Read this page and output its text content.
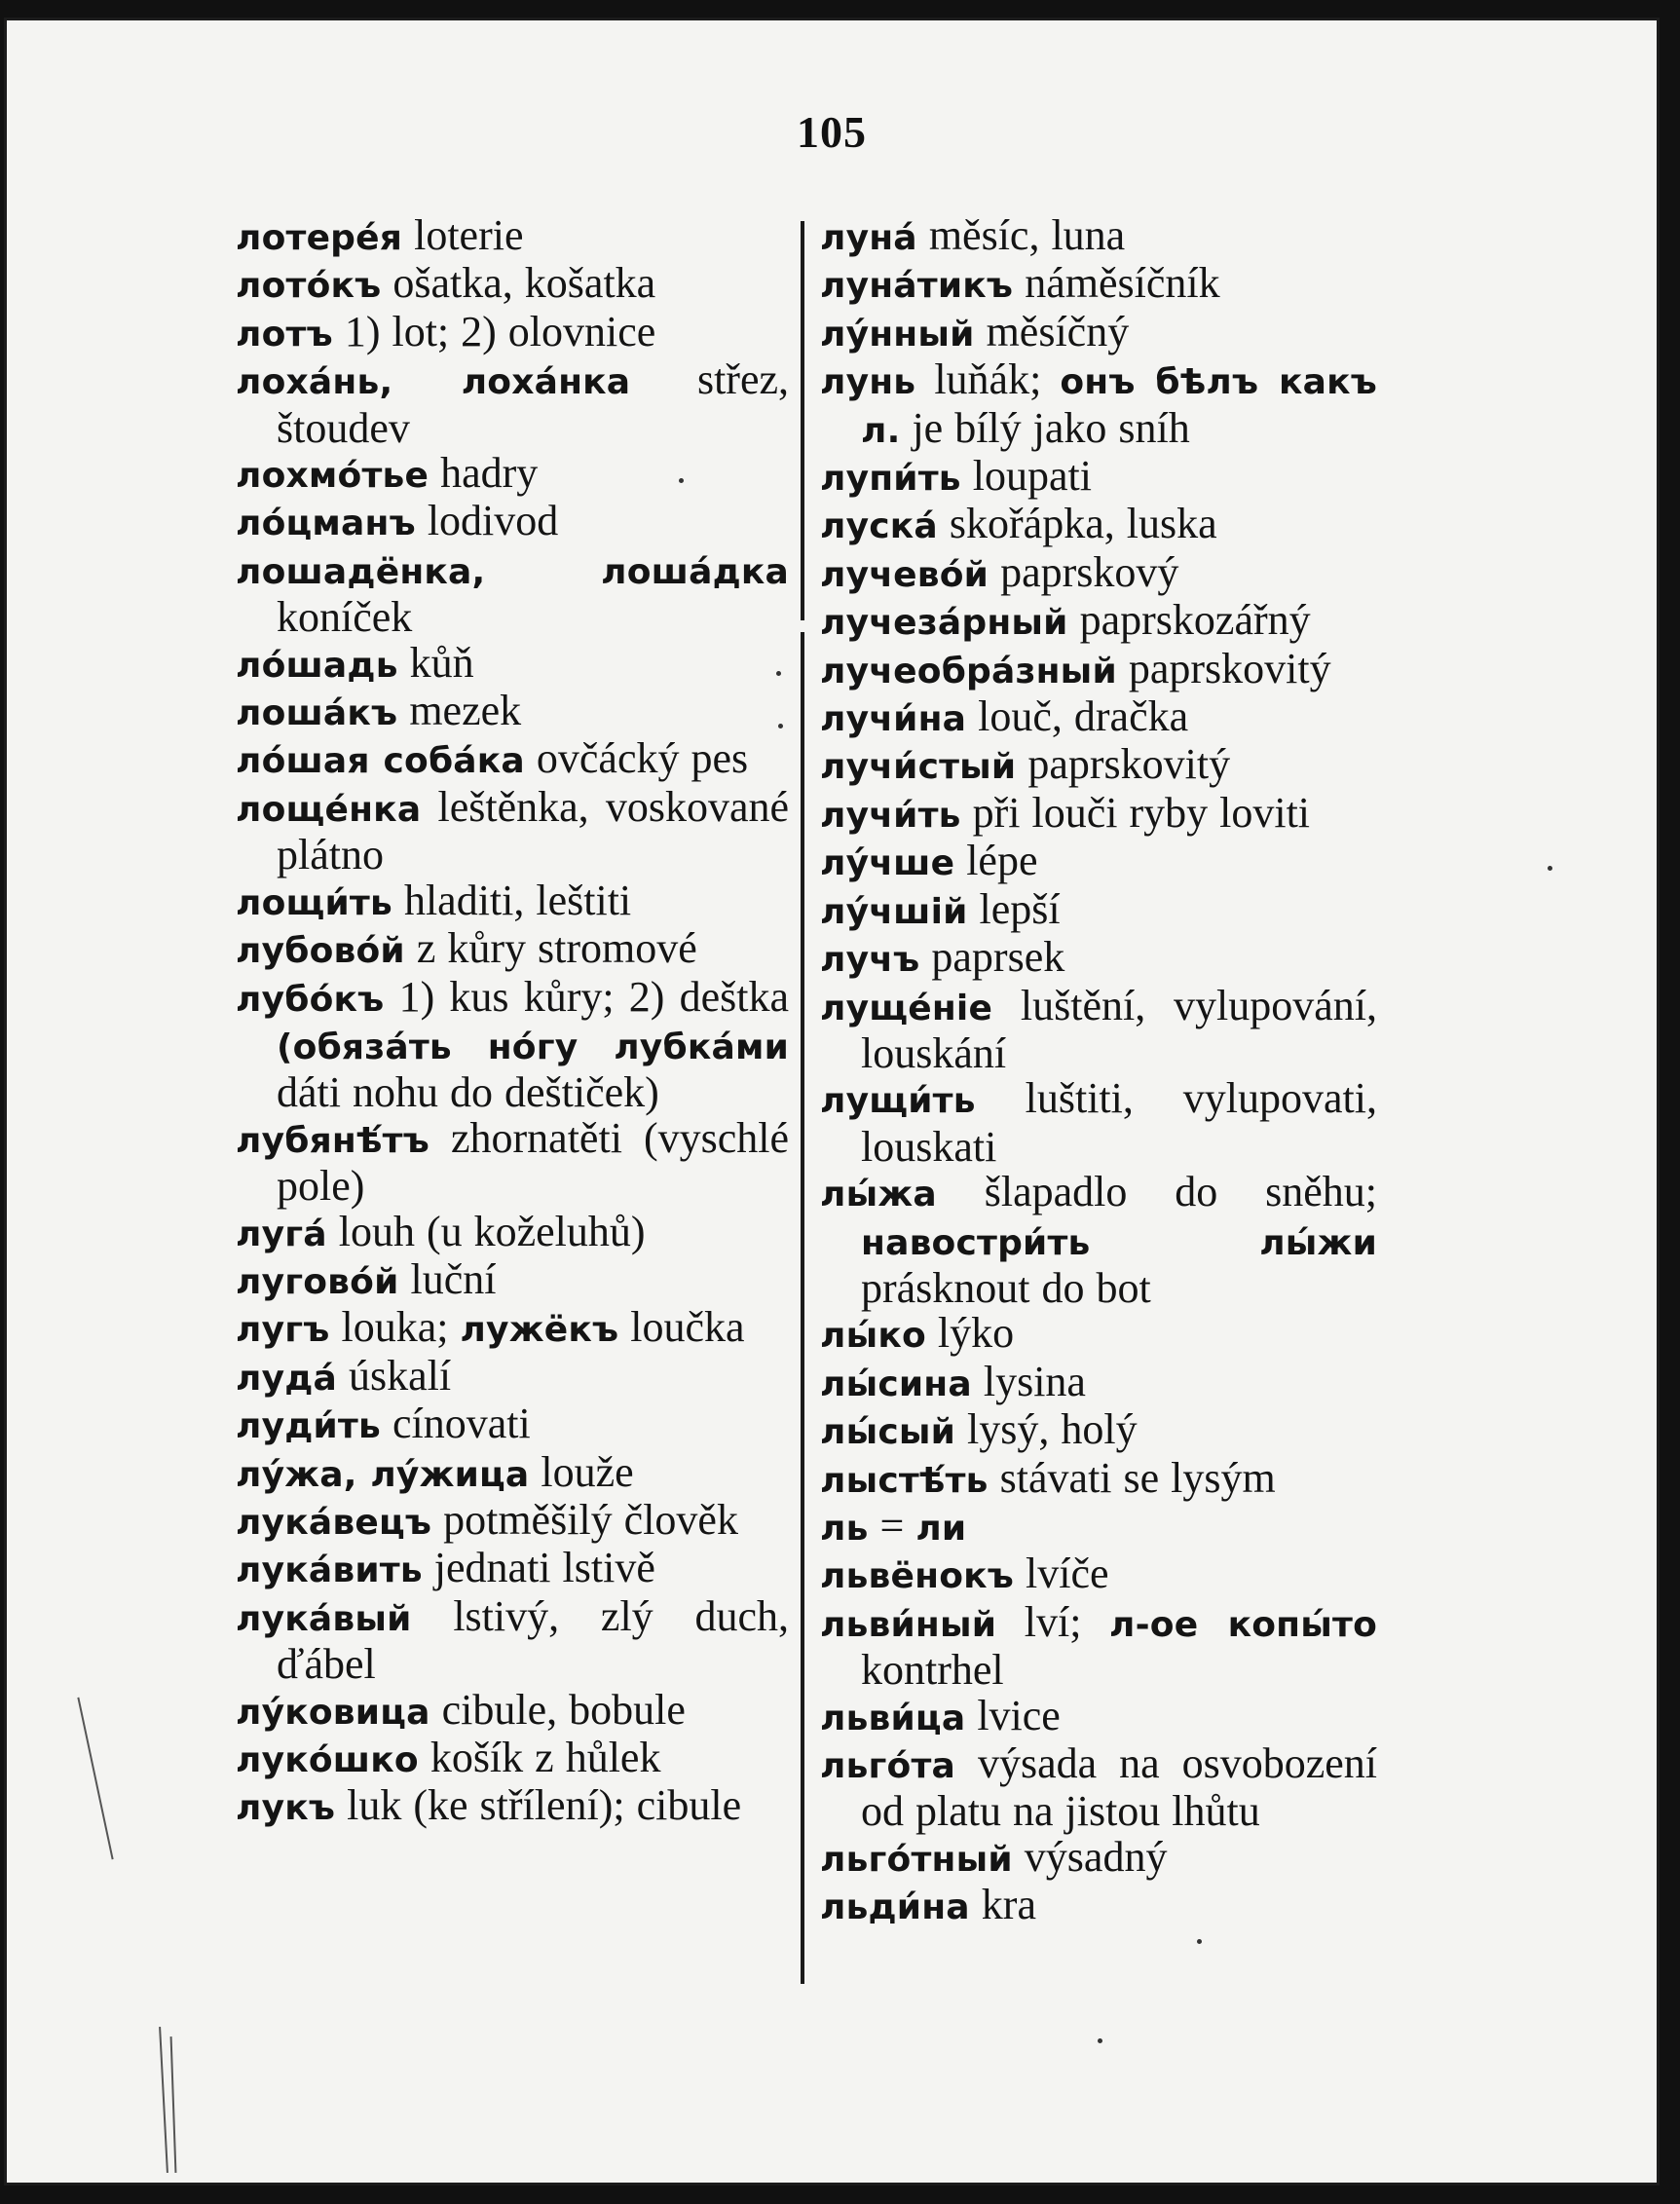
105

лотерéя loterie

лотóкъ ošatka, košatka

лотъ 1) lot; 2) olovnice

лохáнь, лохáнка střez, štoudev

лохмóтье hadry

лóцманъ lodivod

лошадёнка, лошáдка koníček

лóшадь kůň

лошáкъ mezek

лóшая собáка ovčácký pes

лощéнка leštěnka, voskované plátno

лощи́ть hladiti, leštiti

лубовóй z kůry stromové

лубóкъ 1) kus kůry; 2) deštka (обязáть нóгу лубкáми dáti nohu do deštiček)

лубянѣ́тъ zhornatěti (vyschlé pole)

лугá louh (u koželuhů)

луговóй luční

лугъ louka; лужёкъ loučka

лудá úskalí

луди́ть cínovati

лýжа, лýжица louže

лукáвецъ potměšilý člověk

лукáвить jednati lstivě

лукáвый lstivý, zlý duch, ďábel

лýковица cibule, bobule

лукóшко košík z hůlek

лукъ luk (ke střílení); cibule

лунá měsíc, luna

лунáтикъ náměsíčník

лýнный měsíčný

лунь luňák; онъ бѣлъ какъ л. je bílý jako sníh

лупи́ть loupati

лускá skořápka, luska

лучевóй paprskový

лучезáрный paprskozářný

лучеобрáзный paprskovitý

лучи́на louč, dračka

лучи́стый paprskovitý

лучи́ть při louči ryby loviti

лýчше lépe

лýчшій lepší

лучъ paprsek

лущéніе luštění, vylupování, louskání

лущи́ть luštiti, vylupovati, louskati

лы́жа šlapadlo do sněhu; навостри́ть лы́жи prásknout do bot

лы́ко lýko

лы́сина lysina

лы́сый lysý, holý

лыстѣ́ть stávati se lysým

ль = ли

львёнокъ lvíče

льви́ный lví; л-ое копы́то kontrhel

льви́ца lvice

льгóта výsada na osvobození od platu na jistou lhůtu

льгóтный výsadný

льди́на kra
